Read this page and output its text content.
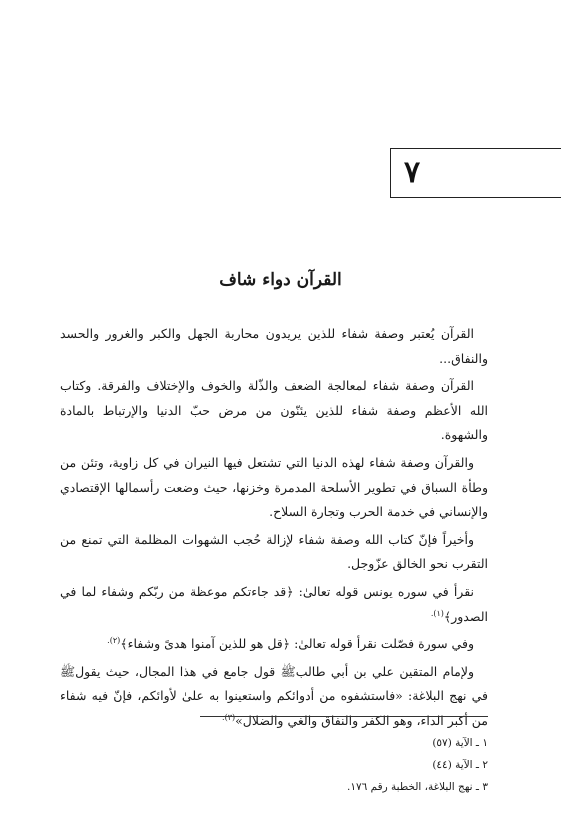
٧
القرآن دواء شاف

القرآن يُعتبر وصفة شفاء للذين يريدون محاربة الجهل والكبر والغرور والحسد والنفاق...

القرآن وصفة شفاء لمعالجة الضعف والذّلة والخوف والإختلاف والفرقة. وكتاب الله الأعظم وصفة شفاء للذين يئنّون من مرض حبّ الدنيا والإرتباط بالمادة والشهوة.

والقرآن وصفة شفاء لهذه الدنيا التي تشتعل فيها النيران في كل زاوية، وتئن من وطأة السباق في تطوير الأسلحة المدمرة وخزنها، حيث وضعت رأسمالها الإقتصادي والإنساني في خدمة الحرب وتجارة السلاح.

وأخيراً فإنّ كتاب الله وصفة شفاء لإزالة حُجب الشهوات المظلمة التي تمنع من التقرب نحو الخالق عزّوجل.

نقرأ في سوره يونس قوله تعالىٰ: ﴿قد جاءتكم موعظة من ربّكم وشفاء لما في الصدور﴾$^{(١).}$

وفي سورة فصّلت نقرأ قوله تعالىٰ: ﴿قل هو للذين آمنوا هدىً وشفاء﴾$^{(٢).}$

ولإمام المتقين علي بن أبي طالبﷺ قول جامع في هذا المجال، حيث يقولﷺ في نهج البلاغة: «فاستشفوه من أدوائكم واستعينوا به علىٰ لأوائكم، فإنّ فيه شفاء من أكبر الداء، وهو الكفر والنفاق والغي والضلال»$^{(٣).}$

١ ـ الآية (٥٧)
٢ ـ الآية (٤٤)
٣ ـ نهج البلاغة، الخطبة رقم ١٧٦.
